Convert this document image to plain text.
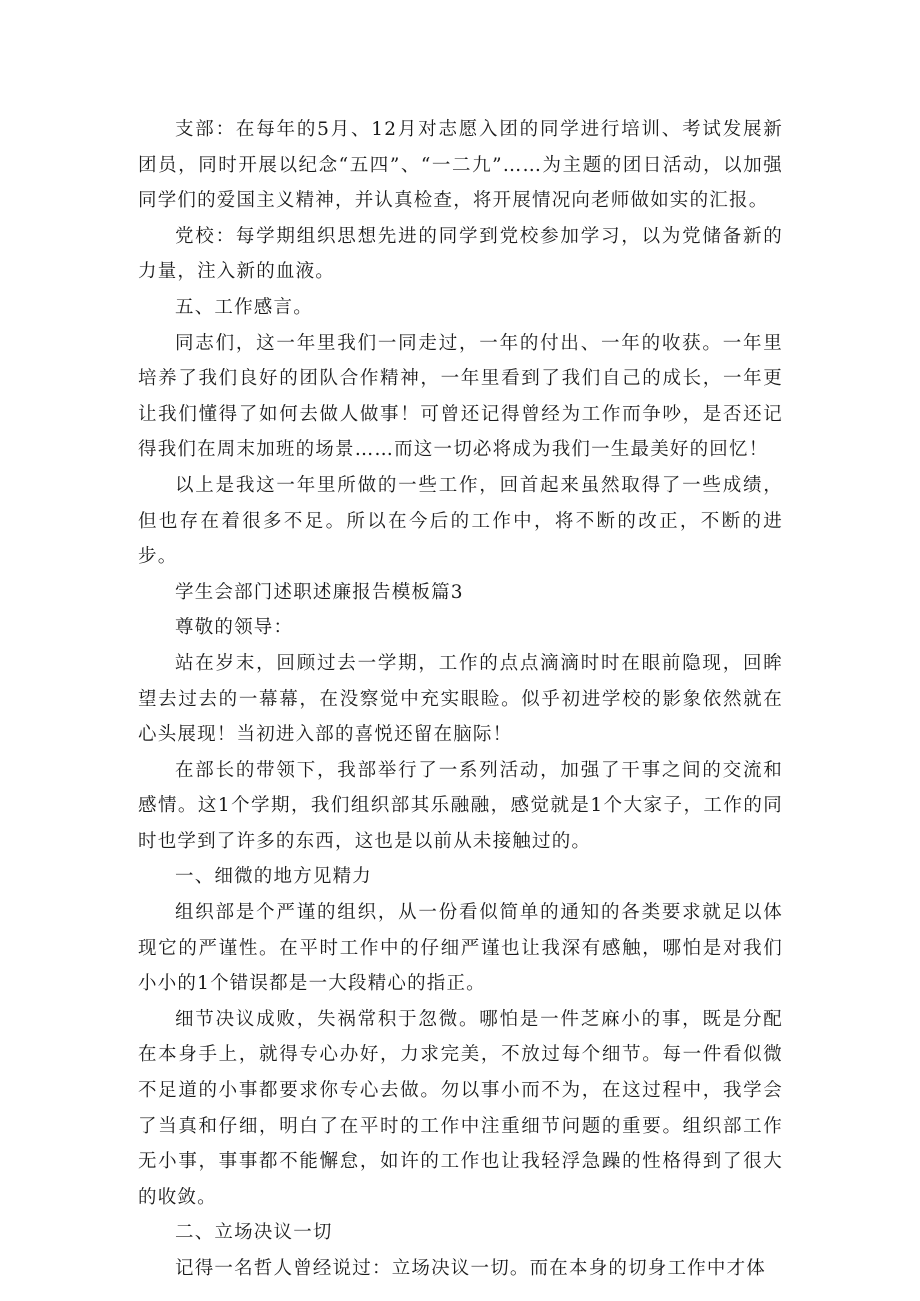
支部：在每年的5月、12月对志愿入团的同学进行培训、考试发展新团员，同时开展以纪念“五四”、“一二九”……为主题的团日活动，以加强同学们的爱国主义精神，并认真检查，将开展情况向老师做如实的汇报。

党校：每学期组织思想先进的同学到党校参加学习，以为党储备新的力量，注入新的血液。

五、工作感言。

同志们，这一年里我们一同走过，一年的付出、一年的收获。一年里培养了我们良好的团队合作精神，一年里看到了我们自己的成长，一年更让我们懂得了如何去做人做事！可曾还记得曾经为工作而争吵，是否还记得我们在周末加班的场景……而这一切必将成为我们一生最美好的回忆！

以上是我这一年里所做的一些工作，回首起来虽然取得了一些成绩，但也存在着很多不足。所以在今后的工作中，将不断的改正，不断的进步。

学生会部门述职述廉报告模板篇3

尊敬的领导：

站在岁末，回顾过去一学期，工作的点点滴滴时时在眼前隐现，回眸望去过去的一幕幕，在没察觉中充实眼睑。似乎初进学校的影象依然就在心头展现！当初进入部的喜悦还留在脑际！

在部长的带领下，我部举行了一系列活动，加强了干事之间的交流和感情。这1个学期，我们组织部其乐融融，感觉就是1个大家子，工作的同时也学到了许多的东西，这也是以前从未接触过的。

一、细微的地方见精力

组织部是个严谨的组织，从一份看似简单的通知的各类要求就足以体现它的严谨性。在平时工作中的仔细严谨也让我深有感触，哪怕是对我们小小的1个错误都是一大段精心的指正。

细节决议成败，失祸常积于忽微。哪怕是一件芝麻小的事，既是分配在本身手上，就得专心办好，力求完美，不放过每个细节。每一件看似微不足道的小事都要求你专心去做。勿以事小而不为，在这过程中，我学会了当真和仔细，明白了在平时的工作中注重细节问题的重要。组织部工作无小事，事事都不能懈怠，如许的工作也让我轻浮急躁的性格得到了很大的收敛。

二、立场决议一切

记得一名哲人曾经说过：立场决议一切。而在本身的切身工作中才体
